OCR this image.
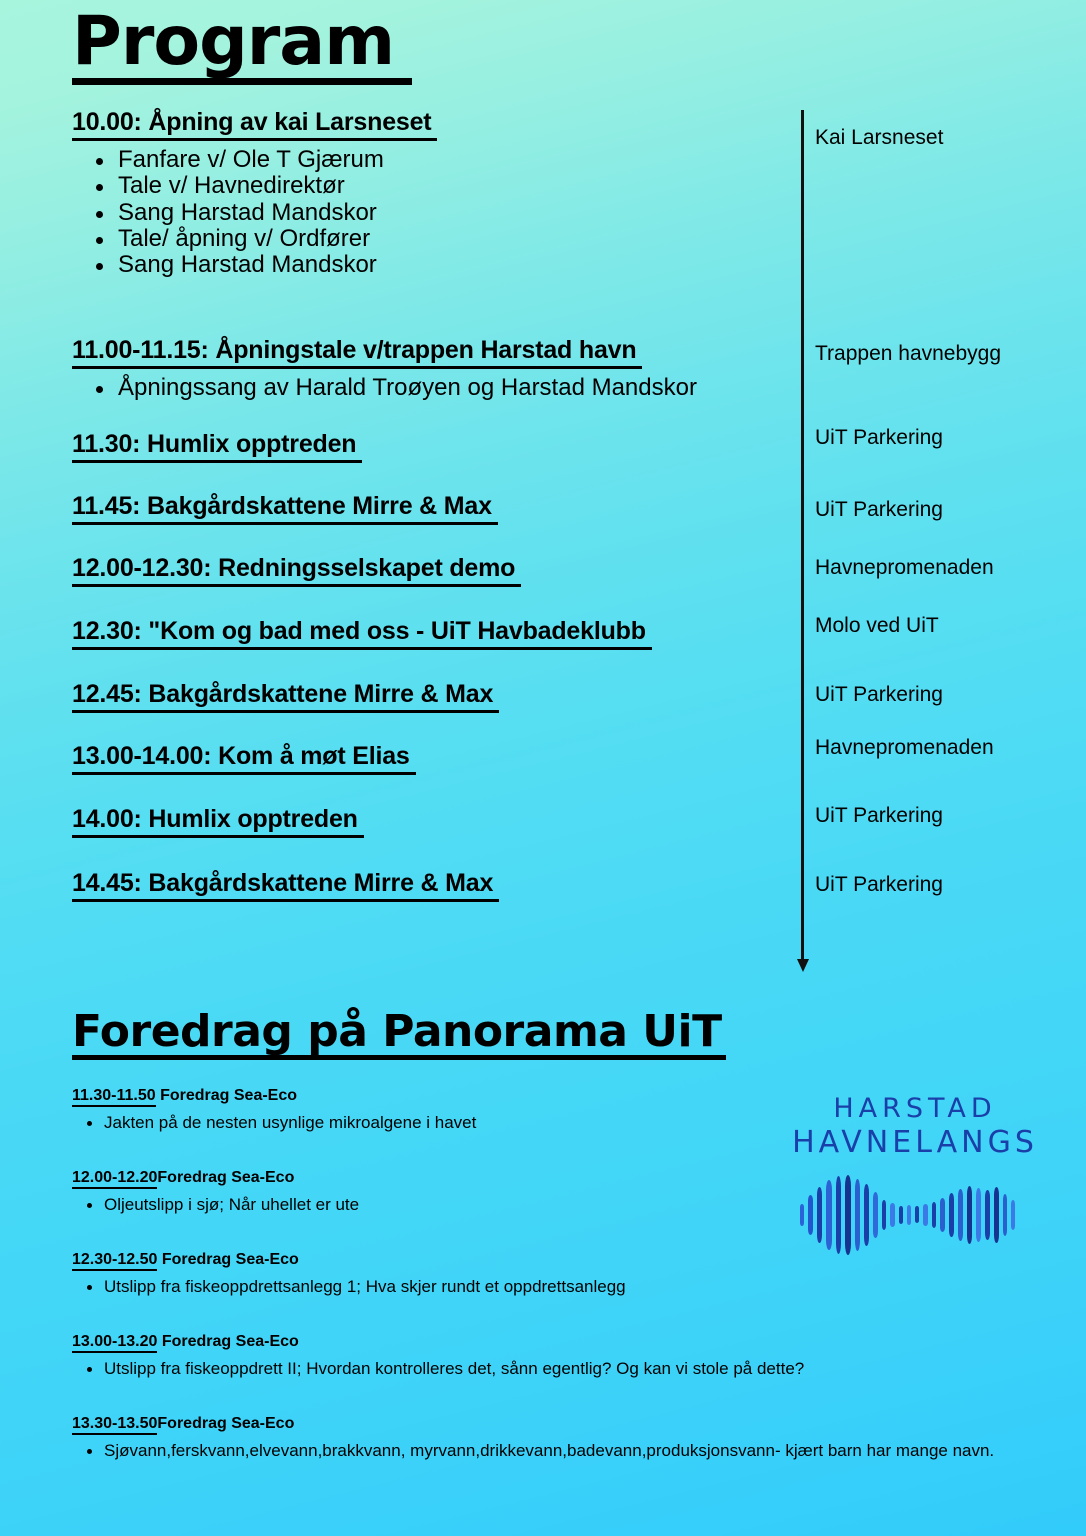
Program
10.00: Åpning av kai Larsneset
Fanfare v/ Ole T Gjærum
Tale v/ Havnedirektør
Sang Harstad Mandskor
Tale/ åpning v/ Ordfører
Sang Harstad Mandskor
11.00-11.15: Åpningstale v/trappen Harstad havn
Åpningssang av Harald Troøyen og Harstad Mandskor
11.30: Humlix opptreden
11.45: Bakgårdskattene Mirre & Max
12.00-12.30: Redningsselskapet demo
12.30: "Kom og bad med oss - UiT Havbadeklubb
12.45: Bakgårdskattene Mirre & Max
13.00-14.00: Kom å møt Elias
14.00: Humlix opptreden
14.45: Bakgårdskattene Mirre & Max
Kai Larsneset
Trappen havnebygg
UiT Parkering
UiT Parkering
Havnepromenaden
Molo ved UiT
UiT Parkering
Havnepromenaden
UiT Parkering
UiT Parkering
Foredrag på Panorama UiT
11.30-11.50 Foredrag Sea-Eco
Jakten på de nesten usynlige mikroalgene i havet
12.00-12.20Foredrag Sea-Eco
Oljeutslipp i sjø; Når uhellet er ute
12.30-12.50 Foredrag Sea-Eco
Utslipp fra fiskeoppdrettsanlegg 1; Hva skjer rundt et oppdrettsanlegg
13.00-13.20 Foredrag Sea-Eco
Utslipp fra fiskeoppdrett II; Hvordan kontrolleres det, sånn egentlig? Og kan vi stole på dette?
13.30-13.50Foredrag Sea-Eco
Sjøvann,ferskvann,elvevann,brakkvann, myrvann,drikkevann,badevann,produksjonsvann- kjært barn har mange navn.
HARSTAD
HAVNELANGS
